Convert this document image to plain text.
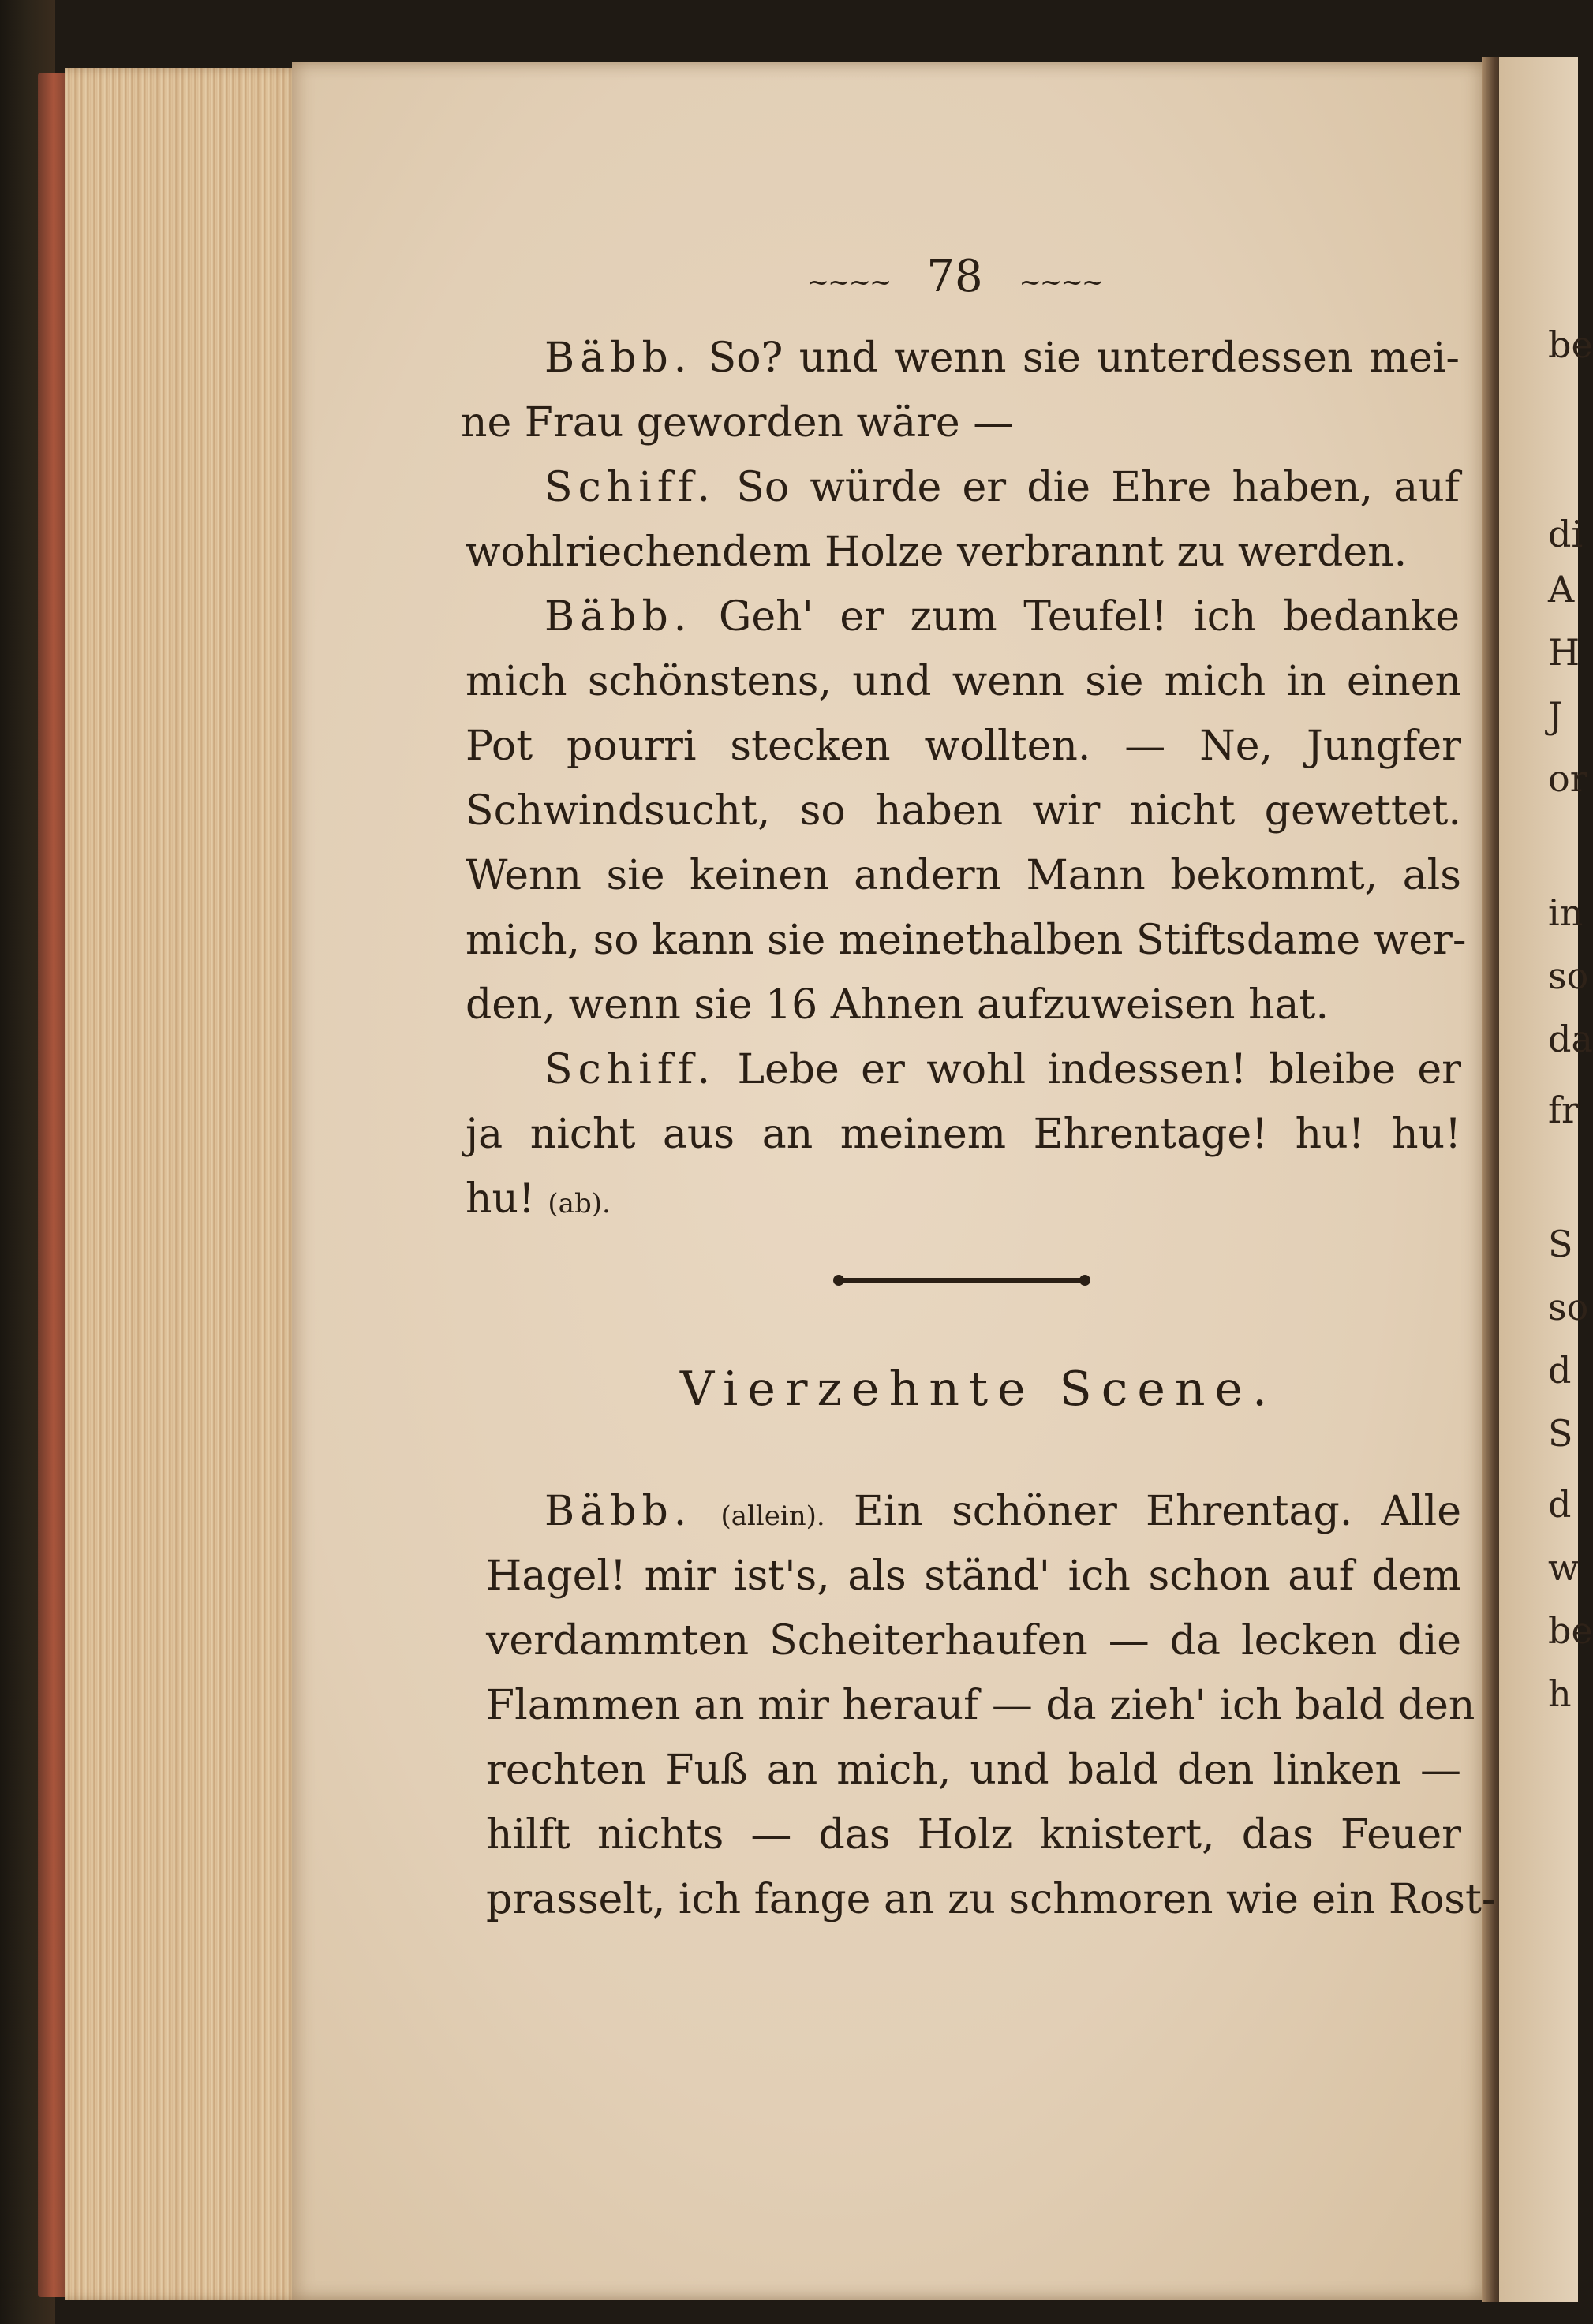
be
di
A
H
J
or
in
so
da
fr
S
so
d
S
d
w
be
h
~~~~ 78 ~~~~
Bäbb. So? und wenn sie unterdessen mei-
ne Frau geworden wäre —
Schiff. So würde er die Ehre haben, auf
wohlriechendem Holze verbrannt zu werden.
Bäbb. Geh' er zum Teufel! ich bedanke
mich schönstens, und wenn sie mich in einen
Pot pourri stecken wollten. — Ne, Jungfer
Schwindsucht, so haben wir nicht gewettet.
Wenn sie keinen andern Mann bekommt, als
mich, so kann sie meinethalben Stiftsdame wer-
den, wenn sie 16 Ahnen aufzuweisen hat.
Schiff. Lebe er wohl indessen! bleibe er
ja nicht aus an meinem Ehrentage! hu! hu!
hu! (ab).
Vierzehnte Scene.
Bäbb. (allein). Ein schöner Ehrentag. Alle
Hagel! mir ist's, als ständ' ich schon auf dem
verdammten Scheiterhaufen — da lecken die
Flammen an mir herauf — da zieh' ich bald den
rechten Fuß an mich, und bald den linken —
hilft nichts — das Holz knistert, das Feuer
prasselt, ich fange an zu schmoren wie ein Rost-
